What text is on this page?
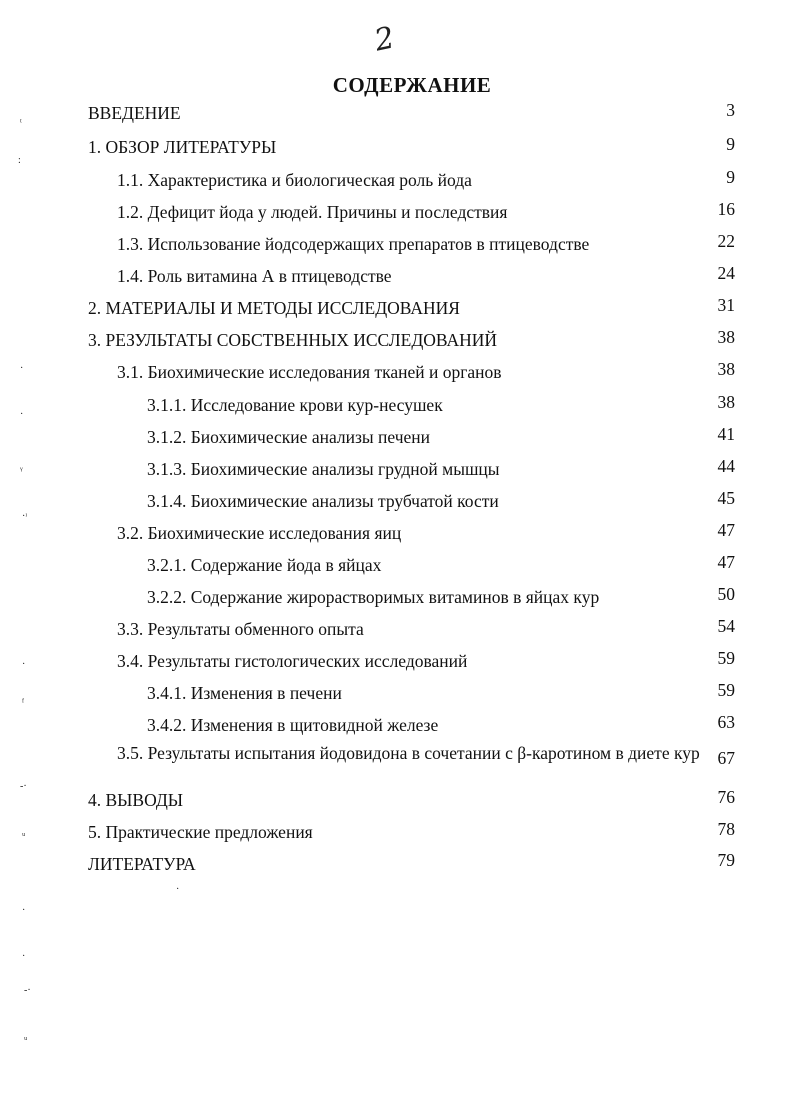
2
СОДЕРЖАНИЕ
ВВЕДЕНИЕ	3
1. ОБЗОР ЛИТЕРАТУРЫ	9
1.1. Характеристика и биологическая роль йода	9
1.2. Дефицит йода у людей. Причины и последствия	16
1.3. Использование йодсодержащих препаратов в птицеводстве	22
1.4. Роль витамина А в птицеводстве	24
2. МАТЕРИАЛЫ И МЕТОДЫ ИССЛЕДОВАНИЯ	31
3. РЕЗУЛЬТАТЫ СОБСТВЕННЫХ ИССЛЕДОВАНИЙ	38
3.1. Биохимические исследования тканей и органов	38
3.1.1. Исследование крови кур-несушек	38
3.1.2. Биохимические анализы печени	41
3.1.3. Биохимические анализы грудной мышцы	44
3.1.4. Биохимические анализы трубчатой кости	45
3.2. Биохимические исследования яиц	47
3.2.1. Содержание йода в яйцах	47
3.2.2. Содержание жирорастворимых витаминов в яйцах кур	50
3.3. Результаты обменного опыта	54
3.4. Результаты гистологических исследований	59
3.4.1. Изменения в печени	59
3.4.2. Изменения в щитовидной железе	63
3.5. Результаты испытания йодовидона в сочетании с β-каротином в диете кур 67
4. ВЫВОДЫ	76
5. Практические предложения	78
ЛИТЕРАТУРА	79
ᵗ
:
·
·
ᵞ
·ᶦ
·
ᶠ
-·
ᵤ
·
·
-·
ᵤ
·
